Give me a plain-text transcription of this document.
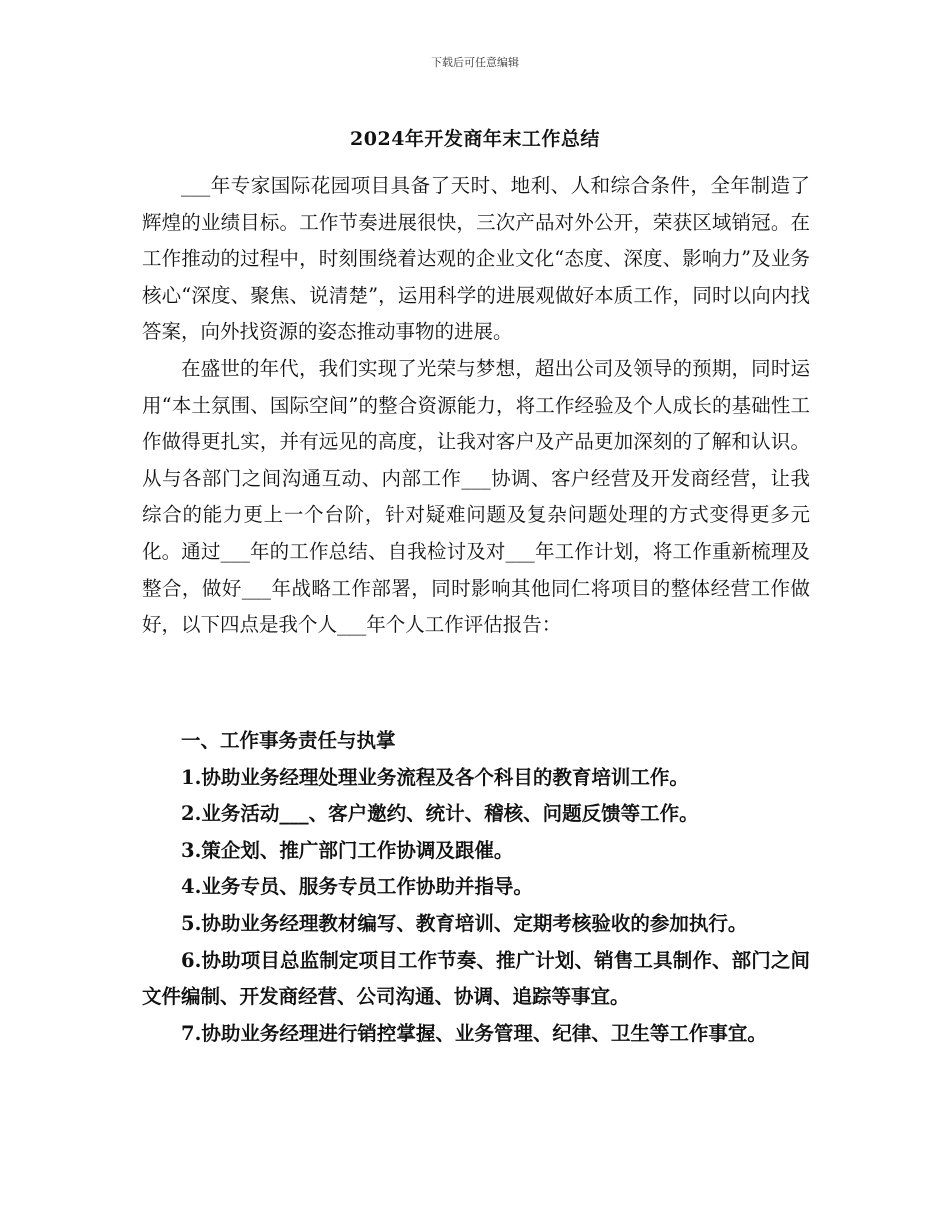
下载后可任意编辑
2024年开发商年末工作总结

___年专家国际花园项目具备了天时、地利、人和综合条件，全年制造了辉煌的业绩目标。工作节奏进展很快，三次产品对外公开，荣获区域销冠。在工作推动的过程中，时刻围绕着达观的企业文化“态度、深度、影响力”及业务核心“深度、聚焦、说清楚”，运用科学的进展观做好本质工作，同时以向内找答案，向外找资源的姿态推动事物的进展。

在盛世的年代，我们实现了光荣与梦想，超出公司及领导的预期，同时运用“本土氛围、国际空间”的整合资源能力，将工作经验及个人成长的基础性工作做得更扎实，并有远见的高度，让我对客户及产品更加深刻的了解和认识。从与各部门之间沟通互动、内部工作___协调、客户经营及开发商经营，让我综合的能力更上一个台阶，针对疑难问题及复杂问题处理的方式变得更多元化。通过___年的工作总结、自我检讨及对___年工作计划，将工作重新梳理及整合，做好___年战略工作部署，同时影响其他同仁将项目的整体经营工作做好，以下四点是我个人___年个人工作评估报告：

一、工作事务责任与执掌

1.协助业务经理处理业务流程及各个科目的教育培训工作。

2.业务活动___、客户邀约、统计、稽核、问题反馈等工作。

3.策企划、推广部门工作协调及跟催。

4.业务专员、服务专员工作协助并指导。

5.协助业务经理教材编写、教育培训、定期考核验收的参加执行。

6.协助项目总监制定项目工作节奏、推广计划、销售工具制作、部门之间文件编制、开发商经营、公司沟通、协调、追踪等事宜。

7.协助业务经理进行销控掌握、业务管理、纪律、卫生等工作事宜。
